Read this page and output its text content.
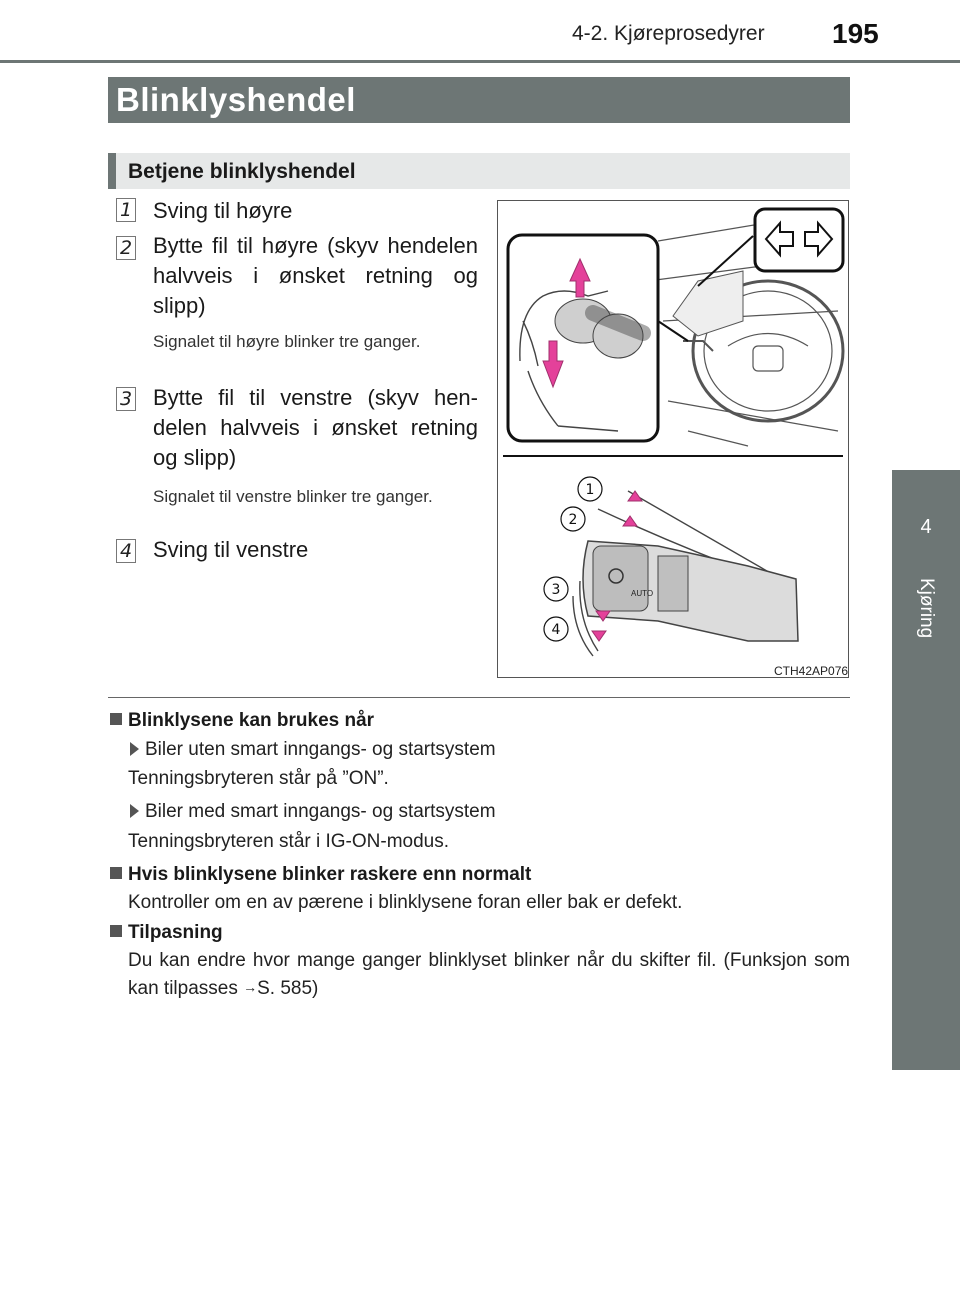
4-2. Kjøreprosedyrer 195
4
Kjøring
Blinklyshendel
Betjene blinklyshendel
1 Sving til høyre
2 Bytte fil til høyre (skyv hendelen halvveis i ønsket retning og slipp)
Signalet til høyre blinker tre ganger.
3 Bytte fil til venstre (skyv hendelen halvveis i ønsket retning og slipp)
Signalet til venstre blinker tre ganger.
4 Sving til venstre
AUTO
1
2
3
4
CTH42AP076
Blinklysene kan brukes når
Biler uten smart inngangs- og startsystem
Tenningsbryteren står på ”ON”.
Biler med smart inngangs- og startsystem
Tenningsbryteren står i IG-ON-modus.
Hvis blinklysene blinker raskere enn normalt
Kontroller om en av pærene i blinklysene foran eller bak er defekt.
Tilpasning
Du kan endre hvor mange ganger blinklyset blinker når du skifter fil. (Funksjon som kan tilpasses →S. 585)
